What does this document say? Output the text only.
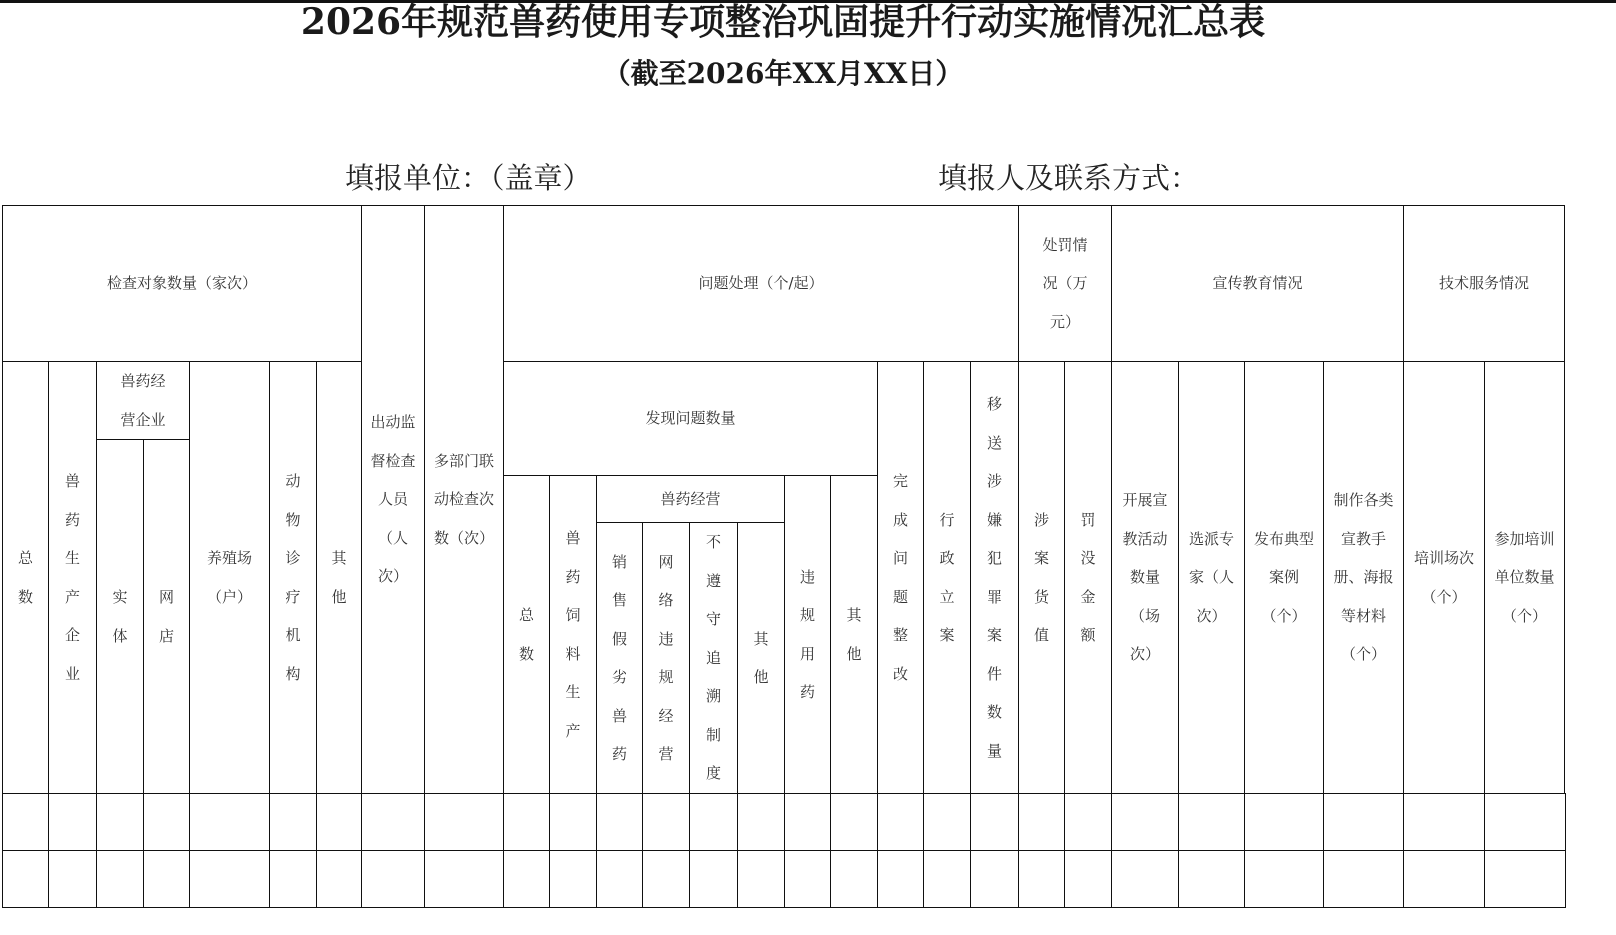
2026年规范兽药使用专项整治巩固提升行动实施情况汇总表
（截至2026年XX月XX日）
填报单位：（盖章）	填报人及联系方式：
检查对象数量（家次）
出动监督检查人员（人次）
多部门联动检查次数（次）
问题处理（个/起）
处罚情况（万元）
宣传教育情况	技术服务情况
总数
兽药生产企业
兽药经营企业
实体
网店
养殖场（户）
动物诊疗机构
其他
发现问题数量
总数
兽药饲料生产
兽药经营
销售假劣兽药
网络违规经营
不遵守追溯制度
其他
违规用药
其他
完成问题整改
行政立案
移送涉嫌犯罪案件数量
涉案货值
罚没金额
开展宣教活动数量（场次）
选派专家（人次）
发布典型案例（个）
制作各类宣教手册、海报等材料（个）
培训场次（个）
参加培训单位数量（个）
